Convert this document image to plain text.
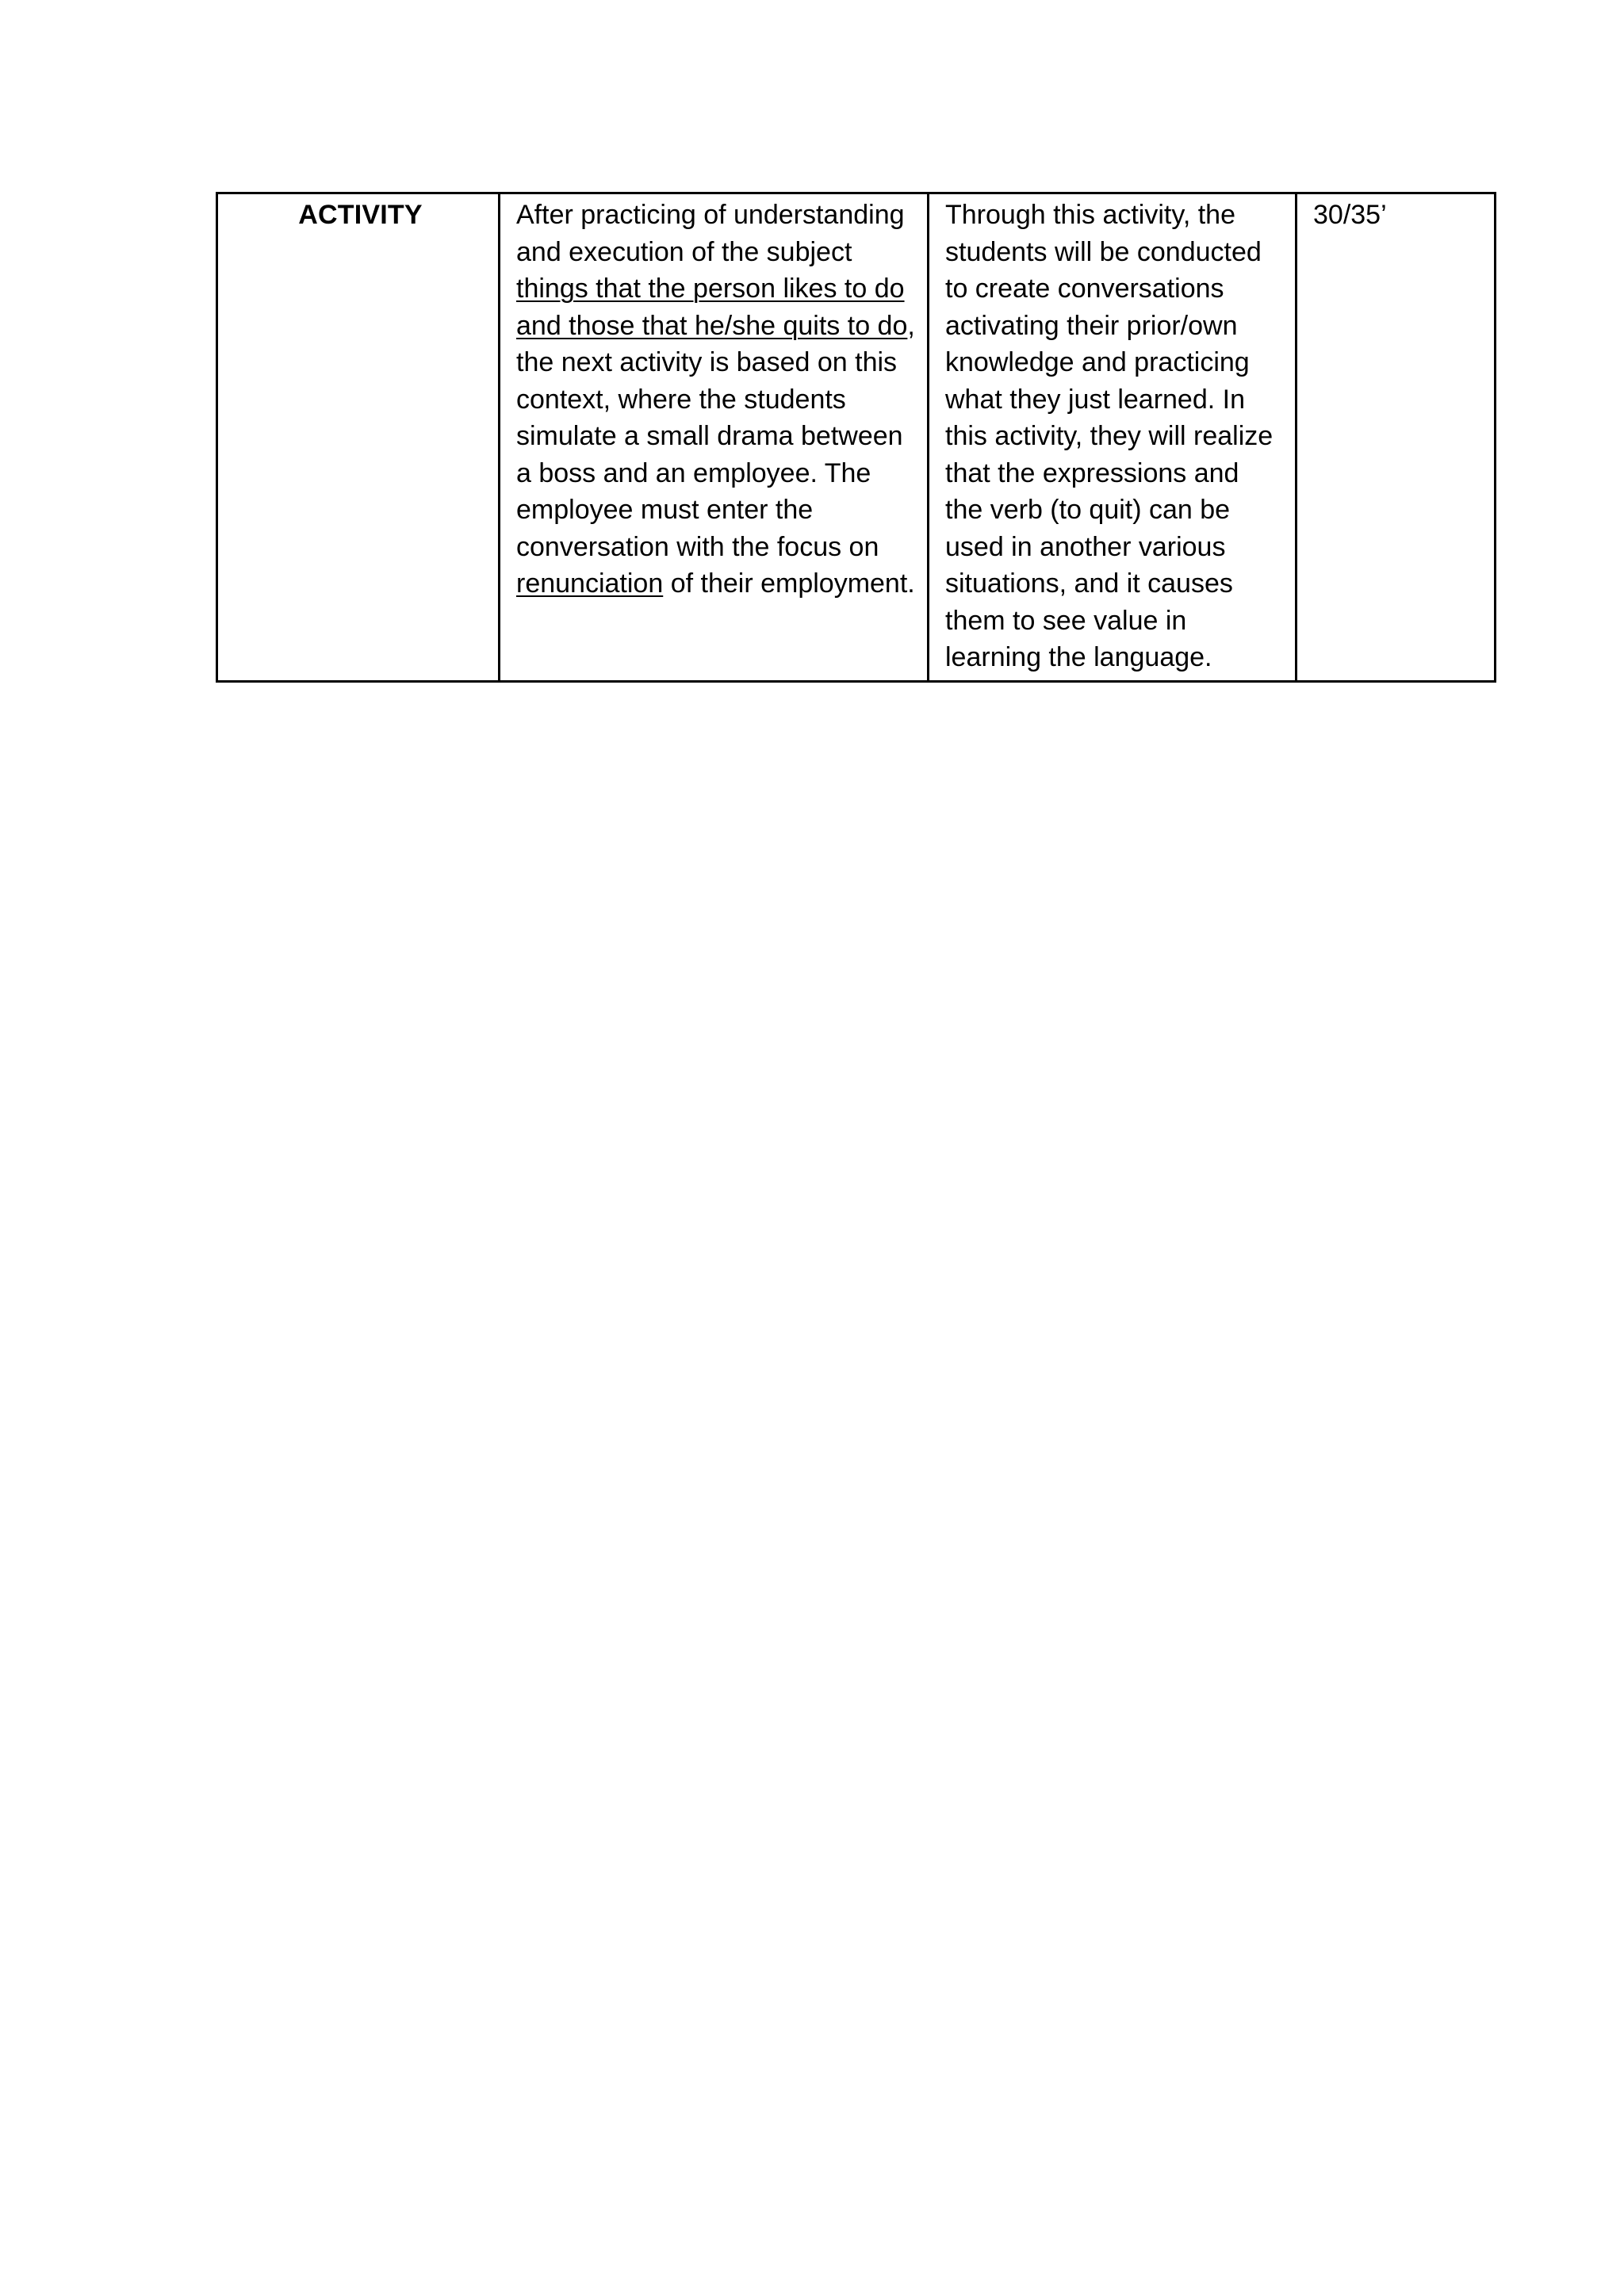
ACTIVITY	After practicing of understanding and execution of the subject things that the person likes to do and those that he/she quits to do, the next activity is based on this context, where the students simulate a small drama between a boss and an employee. The employee must enter the conversation with the focus on renunciation of their employment.	Through this activity, the students will be conducted to create conversations activating their prior/own knowledge and practicing what they just learned. In this activity, they will realize that the expressions and the verb (to quit) can be used in another various situations, and it causes them to see value in learning the language.	30/35’
